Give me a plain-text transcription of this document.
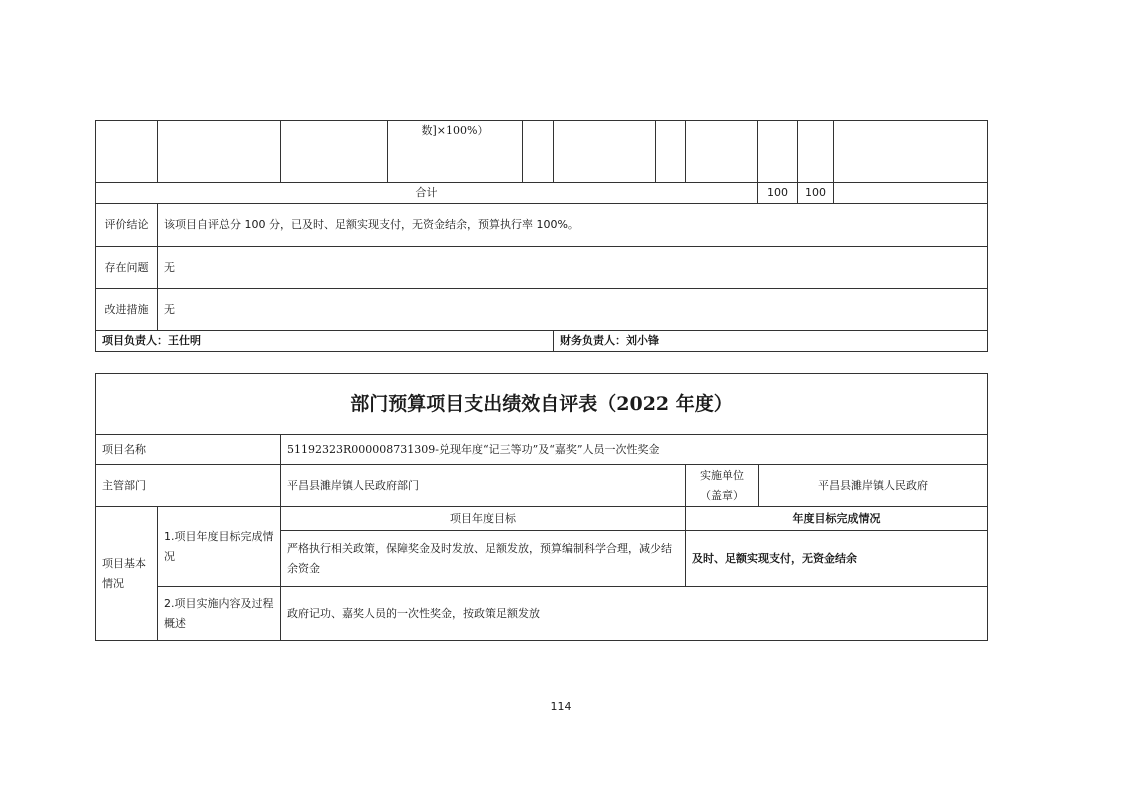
			数]×100%）							
合计								100	100	
评价结论	该项目自评总分 100 分，已及时、足额实现支付，无资金结余，预算执行率 100%。									
存在问题	无									
改进措施	无									
项目负责人：王仕明					财务负责人：刘小锋					
部门预算项目支出绩效自评表（2022 年度）				
项目名称		51192323R000008731309-兑现年度“记三等功”及“嘉奖”人员一次性奖金		
主管部门		平昌县濉岸镇人民政府部门	实施单位（盖章）	平昌县濉岸镇人民政府
项目基本情况	1.项目年度目标完成情况	项目年度目标	年度目标完成情况	
		严格执行相关政策，保障奖金及时发放、足额发放，预算编制科学合理，减少结余资金	及时、足额实现支付，无资金结余	
	2.项目实施内容及过程概述	政府记功、嘉奖人员的一次性奖金，按政策足额发放		
114
